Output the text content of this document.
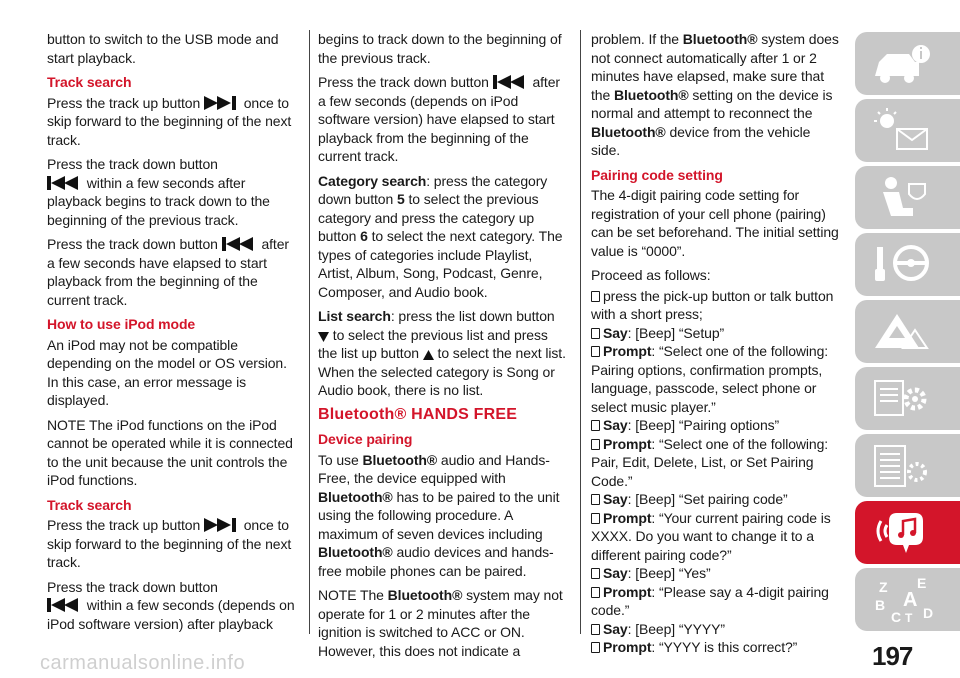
button to switch to the USB mode and start playback.

Track search

Press the track up button	once to skip forward to the beginning of the next track.

Press the track down button
within a few seconds after playback begins to track down to the beginning of the previous track.

Press the track down button	after a few seconds have elapsed to start playback from the beginning of the current track.

How to use iPod mode

An iPod may not be compatible depending on the model or OS version. In this case, an error message is displayed.

NOTE The iPod functions on the iPod cannot be operated while it is connected to the unit because the unit controls the iPod functions.

Track search

Press the track up button	once to skip forward to the beginning of the next track.

Press the track down button
within a few seconds (depends on iPod software version) after playback

begins to track down to the beginning of the previous track.

Press the track down button	after a few seconds (depends on iPod software version) have elapsed to start playback from the beginning of the current track.

Category search: press the category down button 5 to select the previous category and press the category up button 6 to select the next category. The types of categories include Playlist, Artist, Album, Song, Podcast, Genre, Composer, and Audio book.

List search: press the list down button
to select the previous list and press the list up button to select the next list. When the selected category is Song or Audio book, there is no list.

Bluetooth® HANDS FREE
Device pairing

To use Bluetooth® audio and Hands-Free, the device equipped with Bluetooth® has to be paired to the unit using the following procedure. A maximum of seven devices including Bluetooth® audio devices and hands-free mobile phones can be paired.

NOTE The Bluetooth® system may not operate for 1 or 2 minutes after the ignition is switched to ACC or ON. However, this does not indicate a

problem. If the Bluetooth® system does not connect automatically after 1 or 2 minutes have elapsed, make sure that the Bluetooth® setting on the device is normal and attempt to reconnect the Bluetooth® device from the vehicle side.

Pairing code setting

The 4-digit pairing code setting for registration of your cell phone (pairing) can be set beforehand. The initial setting value is “0000”.

Proceed as follows:

press the pick-up button or talk button with a short press;
Say: [Beep] “Setup”
Prompt: “Select one of the following: Pairing options, confirmation prompts, language, passcode, select phone or select music player.”
Say: [Beep] “Pairing options”
Prompt: “Select one of the following: Pair, Edit, Delete, List, or Set Pairing Code.”
Say: [Beep] “Set pairing code”
Prompt: “Your current pairing code is XXXX. Do you want to change it to a different pairing code?”
Say: [Beep] “Yes”
Prompt: “Please say a 4-digit pairing code.”
Say: [Beep] “YYYY”
Prompt: “YYYY is this correct?”
Z E
B A
C T D
197
carmanualsonline.info
